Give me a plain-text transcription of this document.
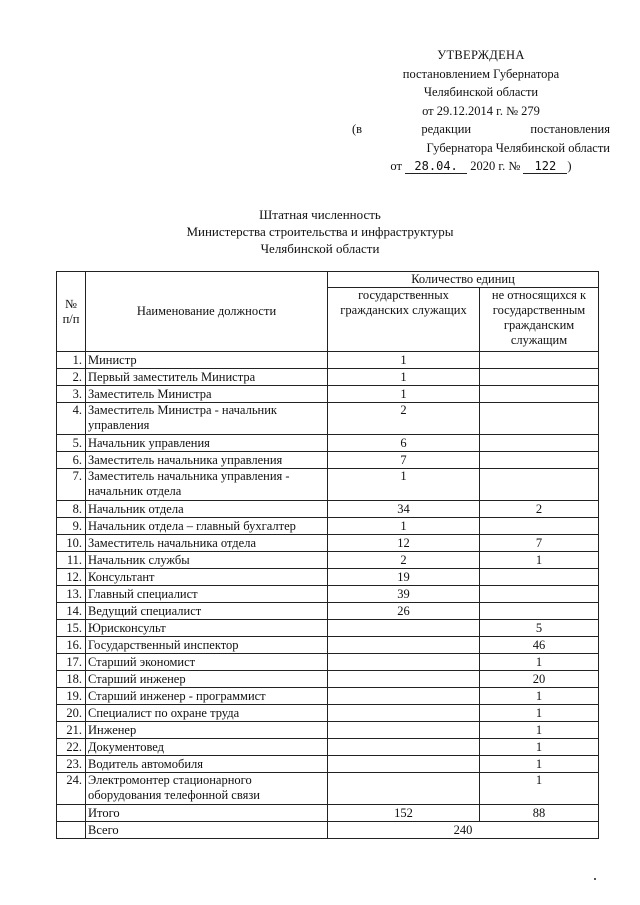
УТВЕРЖДЕНА
постановлением Губернатора
Челябинской области
от 29.12.2014 г. № 279
(в редакции постановления
Губернатора Челябинской области
от 28.04. 2020 г. № 122 )
Штатная численность
Министерства строительства и инфраструктуры
Челябинской области
№ п/п	Наименование должности	Количество единиц	
		государственных гражданских служащих	не относящихся к государственным гражданским служащим
1.	Министр	1	
2.	Первый заместитель Министра	1	
3.	Заместитель Министра	1	
4.	Заместитель Министра - начальник управления	2	
5.	Начальник управления	6	
6.	Заместитель начальника управления	7	
7.	Заместитель начальника управления - начальник отдела	1	
8.	Начальник отдела	34	2
9.	Начальник отдела – главный бухгалтер	1	
10.	Заместитель начальника отдела	12	7
11.	Начальник службы	2	1
12.	Консультант	19	
13.	Главный специалист	39	
14.	Ведущий специалист	26	
15.	Юрисконсульт		5
16.	Государственный инспектор		46
17.	Старший экономист		1
18.	Старший инженер		20
19.	Старший инженер - программист		1
20.	Специалист по охране труда		1
21.	Инженер		1
22.	Документовед		1
23.	Водитель автомобиля		1
24.	Электромонтер стационарного оборудования телефонной связи		1
	Итого	152	88
	Всего	240	
